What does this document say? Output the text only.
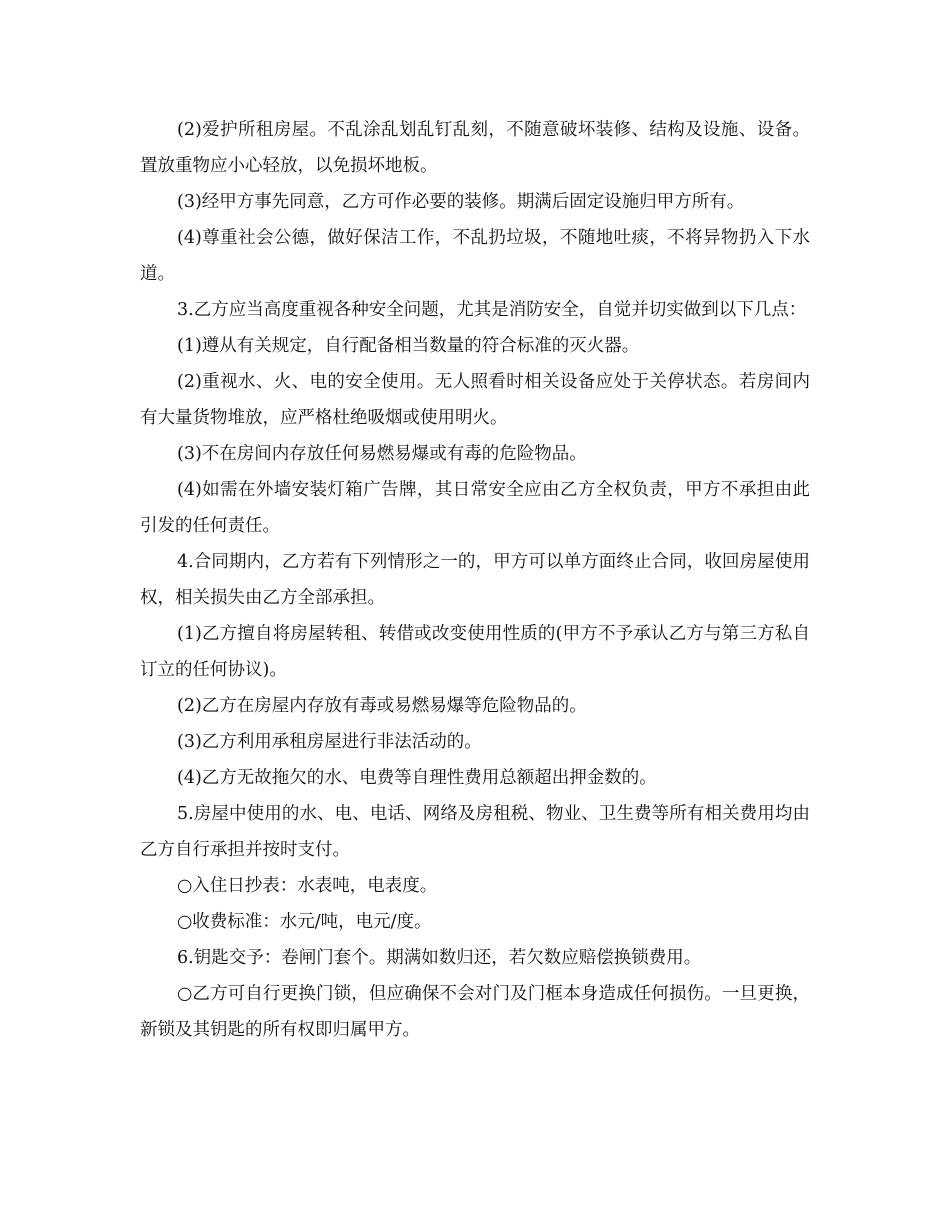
(2)爱护所租房屋。不乱涂乱划乱钉乱刻，不随意破坏装修、结构及设施、设备。置放重物应小心轻放，以免损坏地板。

(3)经甲方事先同意，乙方可作必要的装修。期满后固定设施归甲方所有。

(4)尊重社会公德，做好保洁工作，不乱扔垃圾，不随地吐痰，不将异物扔入下水道。

3.乙方应当高度重视各种安全问题，尤其是消防安全，自觉并切实做到以下几点：

(1)遵从有关规定，自行配备相当数量的符合标准的灭火器。

(2)重视水、火、电的安全使用。无人照看时相关设备应处于关停状态。若房间内有大量货物堆放，应严格杜绝吸烟或使用明火。

(3)不在房间内存放任何易燃易爆或有毒的危险物品。

(4)如需在外墙安装灯箱广告牌，其日常安全应由乙方全权负责，甲方不承担由此引发的任何责任。

4.合同期内，乙方若有下列情形之一的，甲方可以单方面终止合同，收回房屋使用权，相关损失由乙方全部承担。

(1)乙方擅自将房屋转租、转借或改变使用性质的(甲方不予承认乙方与第三方私自订立的任何协议)。

(2)乙方在房屋内存放有毒或易燃易爆等危险物品的。

(3)乙方利用承租房屋进行非法活动的。

(4)乙方无故拖欠的水、电费等自理性费用总额超出押金数的。

5.房屋中使用的水、电、电话、网络及房租税、物业、卫生费等所有相关费用均由乙方自行承担并按时支付。

○入住日抄表：水表吨，电表度。

○收费标准：水元/吨，电元/度。

6.钥匙交予：卷闸门套个。期满如数归还，若欠数应赔偿换锁费用。

○乙方可自行更换门锁，但应确保不会对门及门框本身造成任何损伤。一旦更换，新锁及其钥匙的所有权即归属甲方。
